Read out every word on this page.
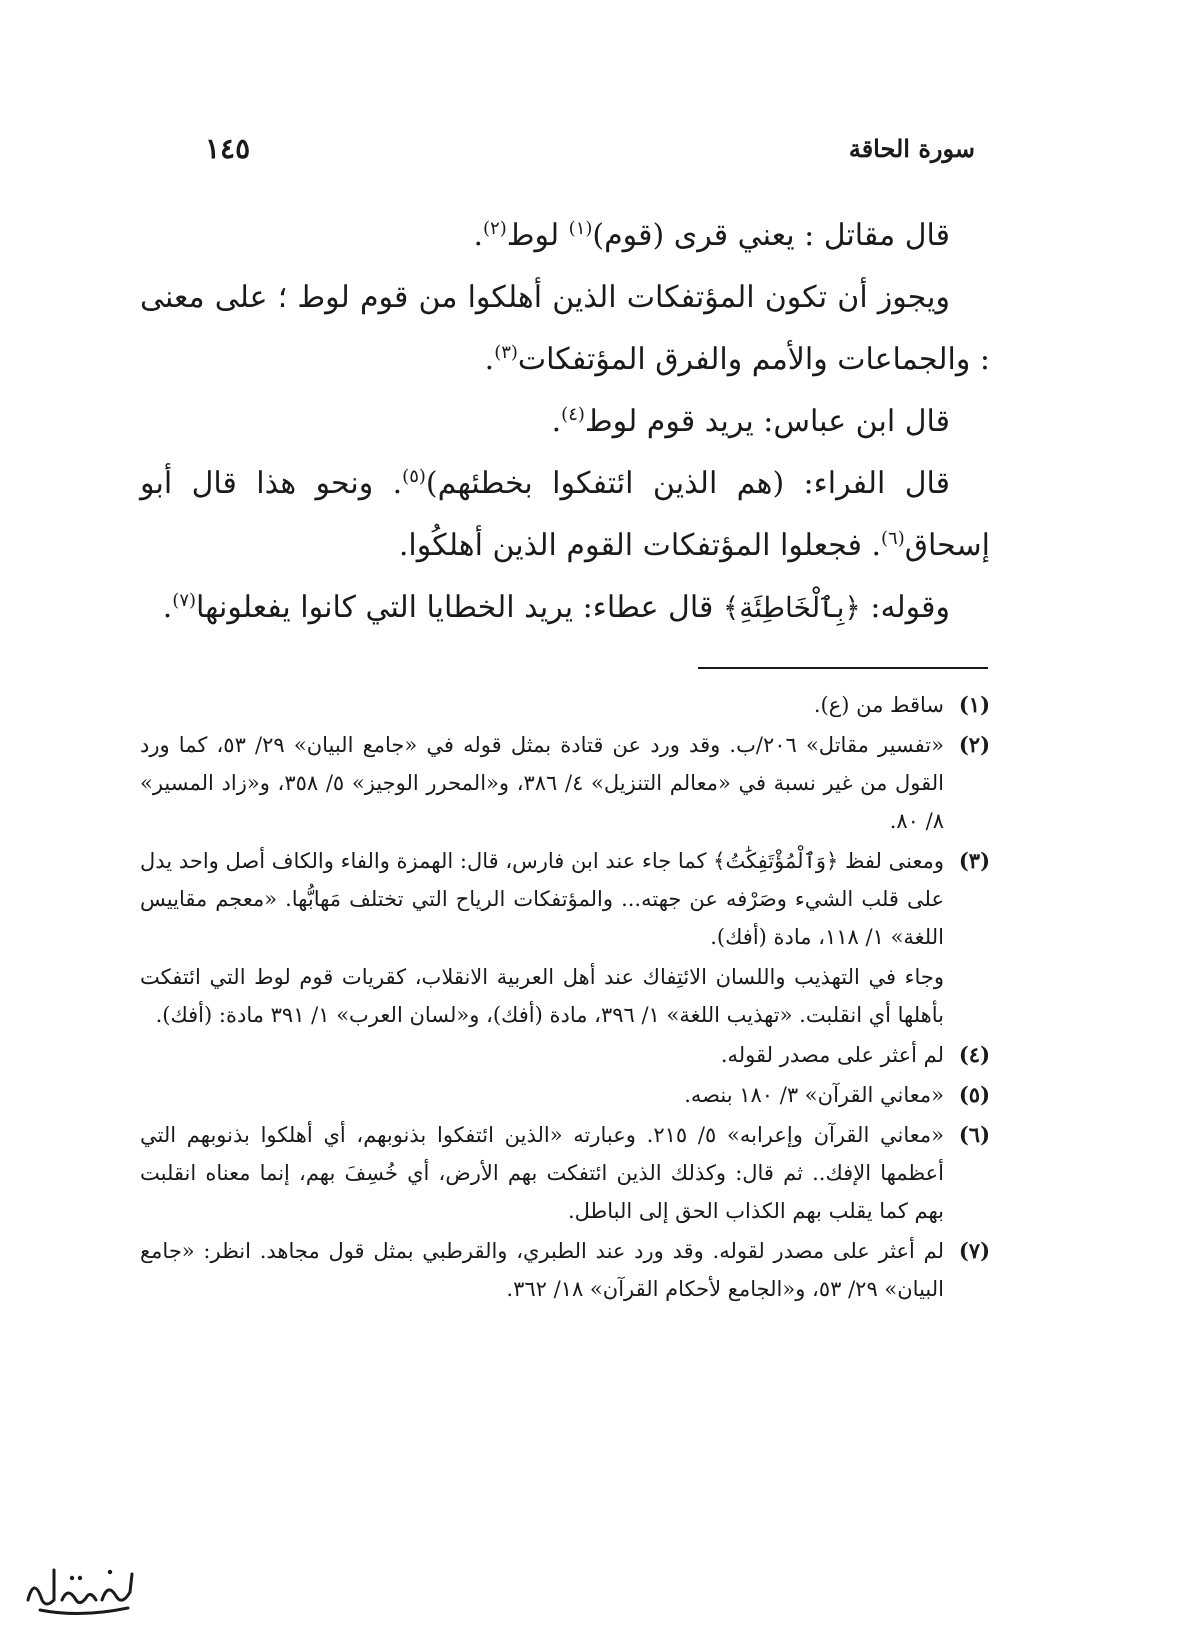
سورة الحاقة
١٤٥

قال مقاتل : يعني قرى (قوم)$^{(١)}$ لوط$^{(٢)}$.

ويجوز أن تكون المؤتفكات الذين أهلكوا من قوم لوط ؛ على معنى : والجماعات والأمم والفرق المؤتفكات$^{(٣)}$.

قال ابن عباس: يريد قوم لوط$^{(٤)}$.

قال الفراء: (هم الذين ائتفكوا بخطئهم)$^{(٥)}$. ونحو هذا قال أبو إسحاق$^{(٦)}$. فجعلوا المؤتفكات القوم الذين أهلكُوا.

وقوله: ﴿بِٱلْخَاطِئَةِ﴾ قال عطاء: يريد الخطايا التي كانوا يفعلونها$^{(٧)}$.

(١)

ساقط من (ع).

(٢)

«تفسير مقاتل» ٢٠٦/ب. وقد ورد عن قتادة بمثل قوله في «جامع البيان» ٢٩/ ٥٣، كما ورد القول من غير نسبة في «معالم التنزيل» ٤/ ٣٨٦، و«المحرر الوجيز» ٥/ ٣٥٨، و«زاد المسير» ٨/ ٨٠.

(٣)

ومعنى لفظ ﴿وَٱلْمُؤْتَفِكَٰتُ﴾ كما جاء عند ابن فارس، قال: الهمزة والفاء والكاف أصل واحد يدل على قلب الشيء وصَرْفه عن جهته... والمؤتفكات الرياح التي تختلف مَهابُّها. «معجم مقاييس اللغة» ١/ ١١٨، مادة (أفك).

وجاء في التهذيب واللسان الائتِفاك عند أهل العربية الانقلاب، كقريات قوم لوط التي ائتفكت بأهلها أي انقلبت. «تهذيب اللغة» ١/ ٣٩٦، مادة (أفك)، و«لسان العرب» ١/ ٣٩١ مادة: (أفك).

(٤)

لم أعثر على مصدر لقوله.

(٥)

«معاني القرآن» ٣/ ١٨٠ بنصه.

(٦)

«معاني القرآن وإعرابه» ٥/ ٢١٥. وعبارته «الذين ائتفكوا بذنوبهم، أي أهلكوا بذنوبهم التي أعظمها الإفك.. ثم قال: وكذلك الذين ائتفكت بهم الأرض، أي خُسِفَ بهم، إنما معناه انقلبت بهم كما يقلب بهم الكذاب الحق إلى الباطل.

(٧)

لم أعثر على مصدر لقوله. وقد ورد عند الطبري، والقرطبي بمثل قول مجاهد. انظر: «جامع البيان» ٢٩/ ٥٣، و«الجامع لأحكام القرآن» ١٨/ ٣٦٢.
